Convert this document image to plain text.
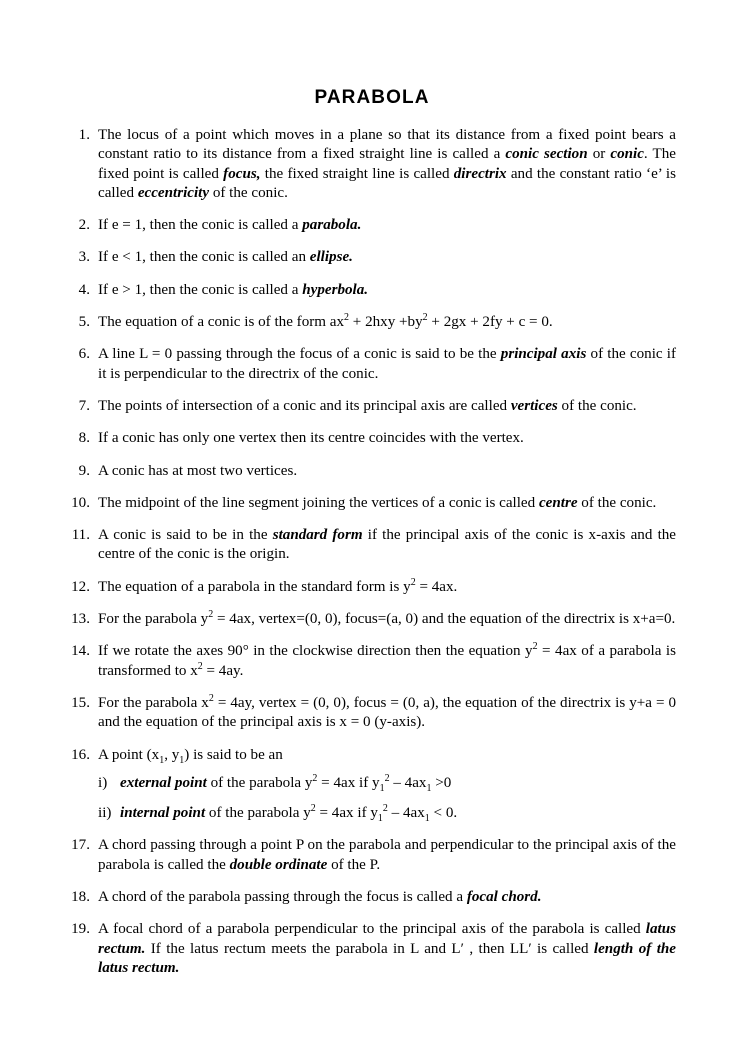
PARABOLA
1. The locus of a point which moves in a plane so that its distance from a fixed point bears a constant ratio to its distance from a fixed straight line is called a conic section or conic. The fixed point is called focus, the fixed straight line is called directrix and the constant ratio ‘e’ is called eccentricity of the conic.
2. If e = 1, then the conic is called a parabola.
3. If e < 1, then the conic is called an ellipse.
4. If e > 1, then the conic is called a hyperbola.
5. The equation of a conic is of the form $ax^2 + 2hxy +by^2 + 2gx + 2fy + c = 0$.
6. A line L = 0 passing through the focus of a conic is said to be the principal axis of the conic if it is perpendicular to the directrix of the conic.
7. The points of intersection of a conic and its principal axis are called vertices of the conic.
8. If a conic has only one vertex then its centre coincides with the vertex.
9. A conic has at most two vertices.
10. The midpoint of the line segment joining the vertices of a conic is called centre of the conic.
11. A conic is said to be in the standard form if the principal axis of the conic is x-axis and the centre of the conic is the origin.
12. The equation of a parabola in the standard form is $y^2 = 4ax$.
13. For the parabola $y^2 = 4ax$, vertex=(0, 0), focus=(a, 0) and the equation of the directrix is x+a=0.
14. If we rotate the axes 90° in the clockwise direction then the equation $y^2 = 4ax$ of a parabola is transformed to $x^2 = 4ay$.
15. For the parabola $x^2 = 4ay$, vertex = (0, 0), focus = (0, a), the equation of the directrix is y+a = 0 and the equation of the principal axis is x = 0 (y-axis).
16. A point ($x_1$, $y_1$) is said to be an
i) external point of the parabola $y^2 = 4ax$ if $y_1^2 - 4ax_1 >0$
ii) internal point of the parabola $y^2 = 4ax$ if $y_1^2 - 4ax_1 < 0$.
17. A chord passing through a point P on the parabola and perpendicular to the principal axis of the parabola is called the double ordinate of the P.
18. A chord of the parabola passing through the focus is called a focal chord.
19. A focal chord of a parabola perpendicular to the principal axis of the parabola is called latus rectum. If the latus rectum meets the parabola in L and L′ , then LL′ is called length of the latus rectum.
